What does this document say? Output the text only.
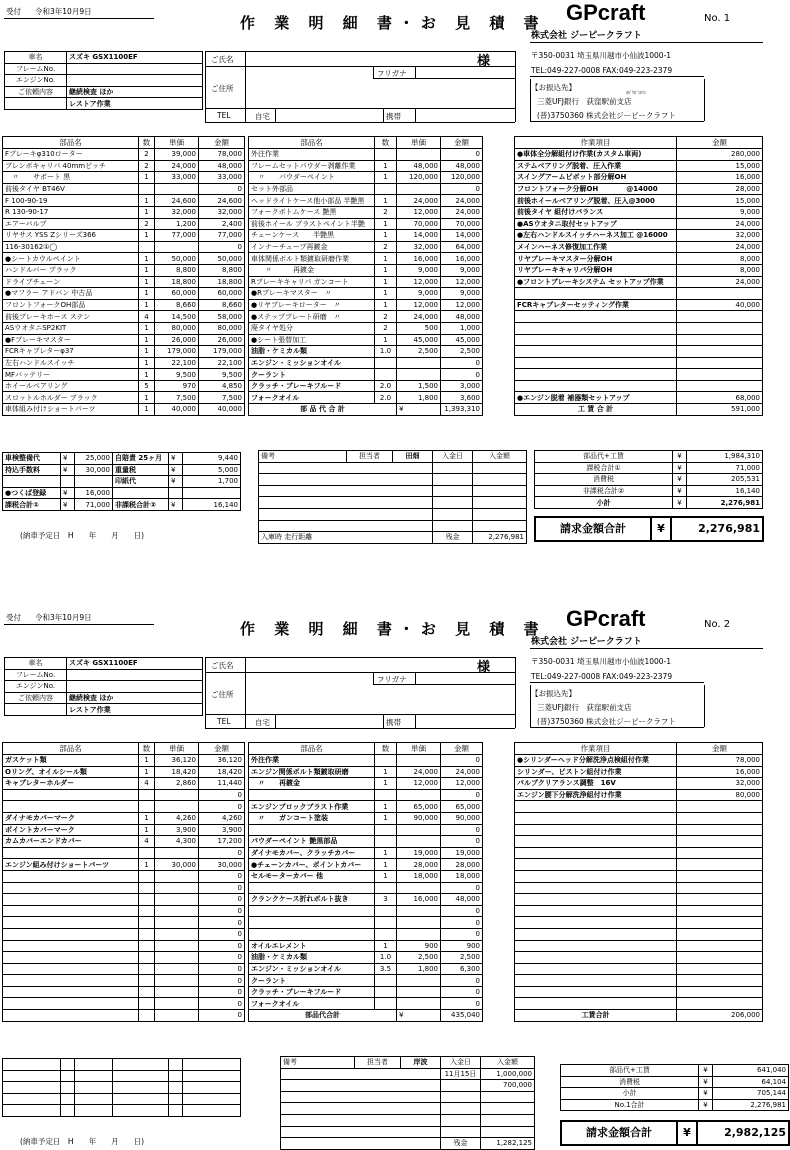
受付 令和3年10月9日
作 業 明 細 書・お 見 積 書 GPcraft	No. 1
株式会社 ジーピークラフト
〒350-0031 埼玉県川越市小仙波1000-1
TEL:049-227-0008 FAX:049-223-2379
【お振込先】
ｵｷﾞｸﾎﾞｴｷﾏｴ
三菱UFJ銀行　荻窪駅前支店
(普)3750360 株式会社ジーピークラフト
車名	スズキ GSX1100EF
フレームNo.	
エンジンNo.	
ご依頼内容	継続検査 ほか
	レストア作業
ご氏名	様
フリガナ
ご住所
TEL	自宅	携帯
部品名	数	単価	金額
Fブレーキφ310ローター	2	39,000	78,000
ブレンボキャリパ 40mmピッチ	2	24,000	48,000
　〃　　サポート 黒	1	33,000	33,000
前後タイヤ BT46V			0
F 100-90-19	1	24,600	24,600
R 130-90-17	1	32,000	32,000
エアーバルブ	2	1,200	2,400
リヤサス YSS Zシリーズ366	1	77,000	77,000
116-30162①◯			0
●シートカウルペイント	1	50,000	50,000
ハンドルバー ブラック	1	8,800	8,800
ドライブチェーン	1	18,800	18,800
●マフラー アドバン 中古品	1	60,000	60,000
フロントフォークOH部品	1	8,660	8,660
前後ブレーキホース ステン	4	14,500	58,000
ASウオタニSP2KIT	1	80,000	80,000
●Fブレーキマスター	1	26,000	26,000
FCRキャブレターφ37	1	179,000	179,000
左右ハンドルスイッチ	1	22,100	22,100
MFバッテリー	1	9,500	9,500
ホイールベアリング	5	970	4,850
スロットルホルダー ブラック	1	7,500	7,500
車体組み付けショートパーツ	1	40,000	40,000
部品名	数	単価	金額
外注作業			0
フレームセットパウダー剥離作業	1	48,000	48,000
　〃　　パウダーペイント	1	120,000	120,000
セット外部品			0
ヘッドライトケース他小部品 半艶黒	1	24,000	24,000
フォークボトムケース 艶黒	2	12,000	24,000
前後ホイール ブラストペイント半艶	1	70,000	70,000
チェーンケース　　半艶黒	1	14,000	14,000
インナーチューブ再鍍金	2	32,000	64,000
車体関係ボルト類鍍取研磨作業	1	16,000	16,000
　　〃　　　再鍍金	1	9,000	9,000
Rブレーキキャリパ ガンコート	1	12,000	12,000
●Rブレーキマスター　〃	1	9,000	9,000
●リヤブレーキローター　〃	1	12,000	12,000
●ステップブレート研磨　〃	2	24,000	48,000
廃タイヤ処分	2	500	1,000
●シート張替加工	1	45,000	45,000
油脂・ケミカル類	1.0	2,500	2,500
エンジン・ミッションオイル			0
クーラント			0
クラッチ・ブレーキフルード	2.0	1,500	3,000
フォークオイル	2.0	1,800	3,600
部 品 代 合 計		¥	1,393,310
作業項目	金額
●車体全分解組付け作業(カスタム車両)	280,000
ステムベアリング脱着、圧入作業	15,000
スイングアームピボット部分解OH	16,000
フロントフォーク分解OH　　　　@14000	28,000
前後ホイールベアリング脱着、圧入@3000	15,000
前後タイヤ 組付けバランス	9,000
●ASウオタニ取付セットアップ	24,000
●左右ハンドルスイッチハーネス加工 @16000	32,000
メインハーネス修復加工作業	24,000
リヤブレーキマスター分解OH	8,000
リヤブレーキキャリパ分解OH	8,000
●フロントブレーキシステム セットアップ作業	24,000

FCRキャブレターセッティング作業	40,000

●エンジン脱着 補器類セットアップ	68,000
工 賃 合 計	591,000
車検整備代	¥	25,000	自賠責 25ヶ月	¥	9,440
持込手数料	¥	30,000	重量税	¥	5,000
			印紙代	¥	1,700
●つくば登録	¥	16,000			
課税合計①	¥	71,000	非課税合計②	¥	16,140
(納車予定日　H　　年　　月　　日)
備考	担当者	田畑	入金日	入金額

入庫時 走行距離			残金	2,276,981
部品代+工賃	¥	1,984,310
課税合計①	¥	71,000
消費税	¥	205,531
非課税合計②	¥	16,140
小計	¥	2,276,981
請求金額合計	¥	2,276,981
受付 令和3年10月9日
作 業 明 細 書・お 見 積 書 GPcraft	No. 2
株式会社 ジーピークラフト
〒350-0031 埼玉県川越市小仙波1000-1
TEL:049-227-0008 FAX:049-223-2379
【お振込先】
三菱UFJ銀行　荻窪駅前支店
(普)3750360 株式会社ジーピークラフト
車名	スズキ GSX1100EF
フレームNo.	
エンジンNo.	
ご依頼内容	継続検査 ほか
	レストア作業
ご氏名	様
フリガナ
ご住所
TEL	自宅	携帯
部品名	数	単価	金額
ガスケット類	1	36,120	36,120
Oリング、オイルシール類	1	18,420	18,420
キャブレターホルダー	4	2,860	11,440
			0
			0
ダイナモカバーマーク	1	4,260	4,260
ポイントカバーマーク	1	3,900	3,900
カムカバーエンドカバー	4	4,300	17,200
			0
エンジン組み付けショートパーツ	1	30,000	30,000
			0
			0
			0
			0
			0
			0
			0
			0
			0
			0
			0
			0
			0
部品名	数	単価	金額
外注作業			0
エンジン関係ボルト類鍍取研磨	1	24,000	24,000
　〃　　再鍍金	1	12,000	12,000
			0
エンジンブロックブラスト作業	1	65,000	65,000
　〃　　ガンコート塗装	1	90,000	90,000
			0
パウダーペイント 艶黒部品			0
ダイナモカバー、クラッチカバー	1	19,000	19,000
●チェーンカバー、ポイントカバー	1	28,000	28,000
セルモーターカバー 他	1	18,000	18,000
			0
クランクケース折れボルト抜き	3	16,000	48,000
			0
			0
			0
オイルエレメント	1	900	900
油脂・ケミカル類	1.0	2,500	2,500
エンジン・ミッションオイル	3.5	1,800	6,300
クーラント			0
クラッチ・ブレーキフルード			0
フォークオイル			0
部品代合計		¥	435,040
作業項目	金額
●シリンダーヘッド分解洗浄点検組付作業	78,000
シリンダー、ピストン組付け作業	16,000
バルブクリアランス調整　16V	32,000
エンジン腰下分解洗浄組付け作業	80,000

工賃合計	206,000

(納車予定日　H　　年　　月　　日)
備考	担当者	岸波	入金日	入金額
			11月15日	1,000,000
				700,000

			残金	1,282,125
部品代+工賃	¥	641,040
消費税	¥	64,104
小計	¥	705,144
No.1合計	¥	2,276,981
請求金額合計	¥	2,982,125
